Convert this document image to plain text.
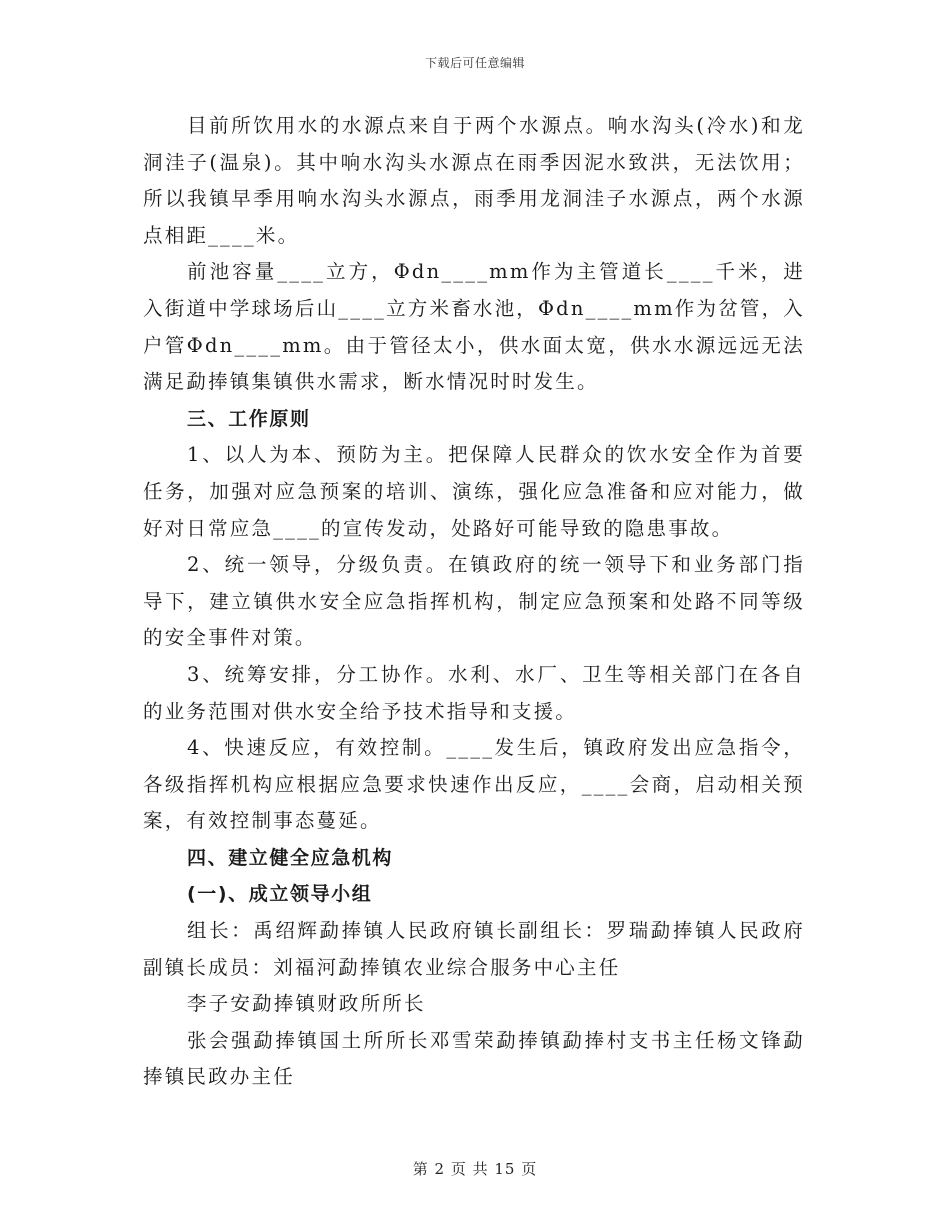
下载后可任意编辑

目前所饮用水的水源点来自于两个水源点。响水沟头(冷水)和龙洞洼子(温泉)。其中响水沟头水源点在雨季因泥水致洪，无法饮用；所以我镇早季用响水沟头水源点，雨季用龙洞洼子水源点，两个水源点相距____米。

前池容量____立方，Φdn____mm作为主管道长____千米，进入街道中学球场后山____立方米畜水池，Φdn____mm作为岔管，入户管Φdn____mm。由于管径太小，供水面太宽，供水水源远远无法满足勐捧镇集镇供水需求，断水情况时时发生。

三、工作原则

1、以人为本、预防为主。把保障人民群众的饮水安全作为首要任务，加强对应急预案的培训、演练，强化应急准备和应对能力，做好对日常应急____的宣传发动，处路好可能导致的隐患事故。

2、统一领导，分级负责。在镇政府的统一领导下和业务部门指导下，建立镇供水安全应急指挥机构，制定应急预案和处路不同等级的安全事件对策。

3、统筹安排，分工协作。水利、水厂、卫生等相关部门在各自的业务范围对供水安全给予技术指导和支援。

4、快速反应，有效控制。____发生后，镇政府发出应急指令，各级指挥机构应根据应急要求快速作出反应，____会商，启动相关预案，有效控制事态蔓延。

四、建立健全应急机构

(一)、成立领导小组

组长：禹绍辉勐捧镇人民政府镇长副组长：罗瑞勐捧镇人民政府副镇长成员：刘福河勐捧镇农业综合服务中心主任

李子安勐捧镇财政所所长

张会强勐捧镇国土所所长邓雪荣勐捧镇勐捧村支书主任杨文锋勐捧镇民政办主任

第 2 页 共 15 页
